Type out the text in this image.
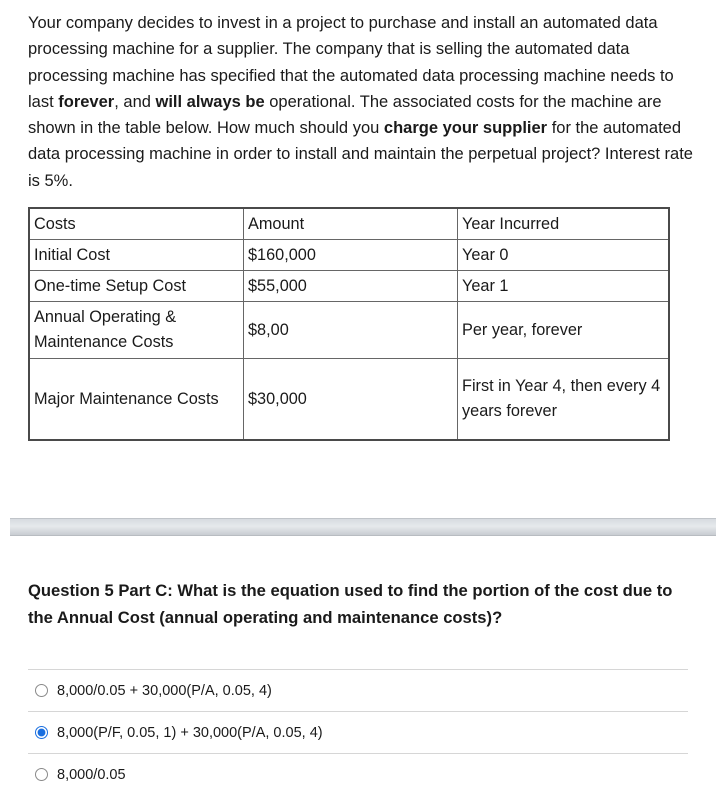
Your company decides to invest in a project to purchase and install an automated data processing machine for a supplier. The company that is selling the automated data processing machine has specified that the automated data processing machine needs to last forever, and will always be operational. The associated costs for the machine are shown in the table below. How much should you charge your supplier for the automated data processing machine in order to install and maintain the perpetual project? Interest rate is 5%.

Costs	Amount	Year Incurred
Initial Cost	$160,000	Year 0
One-time Setup Cost	$55,000	Year 1
Annual Operating & Maintenance Costs	$8,00	Per year, forever
Major Maintenance Costs	$30,000	First in Year 4, then every 4 years forever

Question 5 Part C: What is the equation used to find the portion of the cost due to the Annual Cost (annual operating and maintenance costs)?

8,000/0.05 + 30,000(P/A, 0.05, 4)
8,000(P/F, 0.05, 1) + 30,000(P/A, 0.05, 4)
8,000/0.05
